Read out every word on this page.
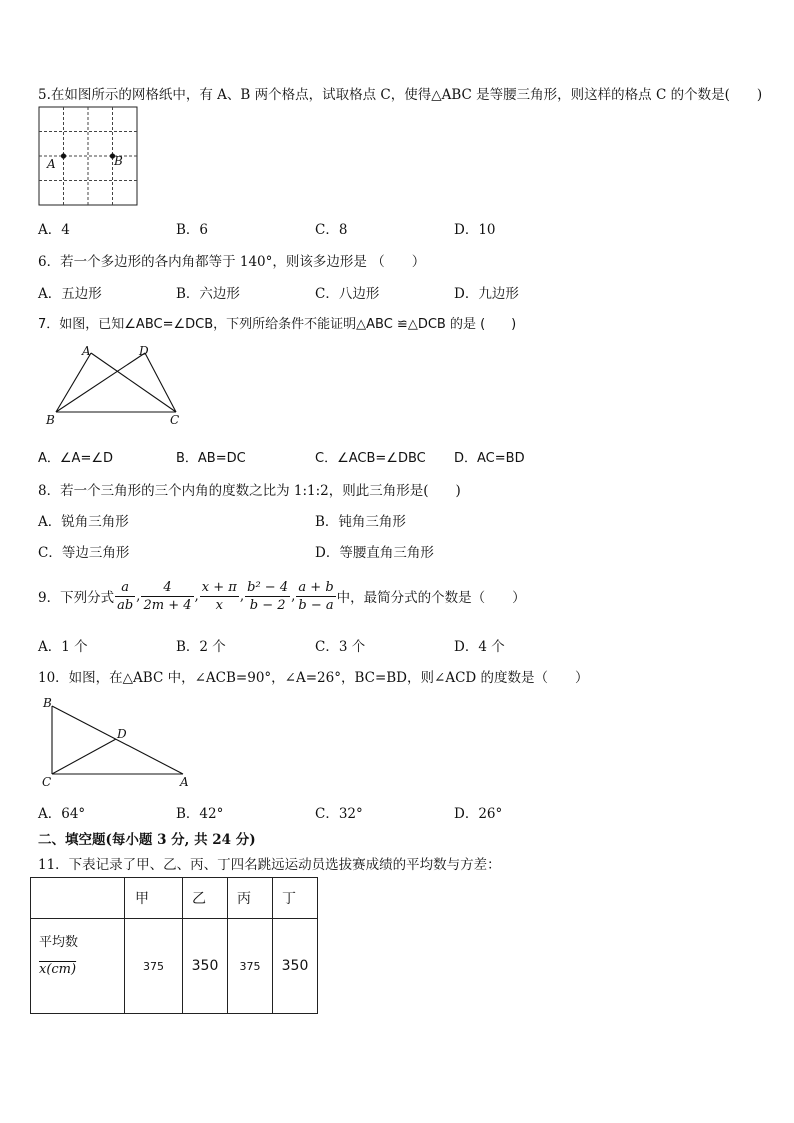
5.在如图所示的网格纸中，有 A、B 两个格点，试取格点 C，使得△ABC 是等腰三角形，则这样的格点 C 的个数是(　　)
A	B
A．4	B．6	C．8	D．10
6．若一个多边形的各内角都等于 140°，则该多边形是 （　　）
A．五边形	B．六边形	C．八边形	D．九边形
7．如图，已知∠ABC=∠DCB，下列所给条件不能证明△ABC ≌△DCB 的是 (　　)
A	D
B	C
A．∠A=∠D	B．AB=DC	C．∠ACB=∠DBC D．AC=BD
8．若一个三角形的三个内角的度数之比为 1:1:2，则此三角形是(　　)
A．锐角三角形	B．钝角三角形
C．等边三角形	D．等腰直角三角形
9．下列分式
a
ab
,
4
2m + 4
,
x + π
x
,
b² − 4
b − 2
,
a + b
b − a 中，最简分式的个数是（　　）
A．1 个	B．2 个	C．3 个	D．4 个
10．如图，在△ABC 中，∠ACB=90°，∠A=26°，BC=BD，则∠ACD 的度数是（　　）
B
D
C	A
A．64°	B．42°	C．32°	D．26°
二、填空题(每小题 3 分, 共 24 分)
11．下表记录了甲、乙、丙、丁四名跳远运动员选拔赛成绩的平均数与方差：
	甲	乙	丙	丁

平均数
x(cm)	375	350	375	350
